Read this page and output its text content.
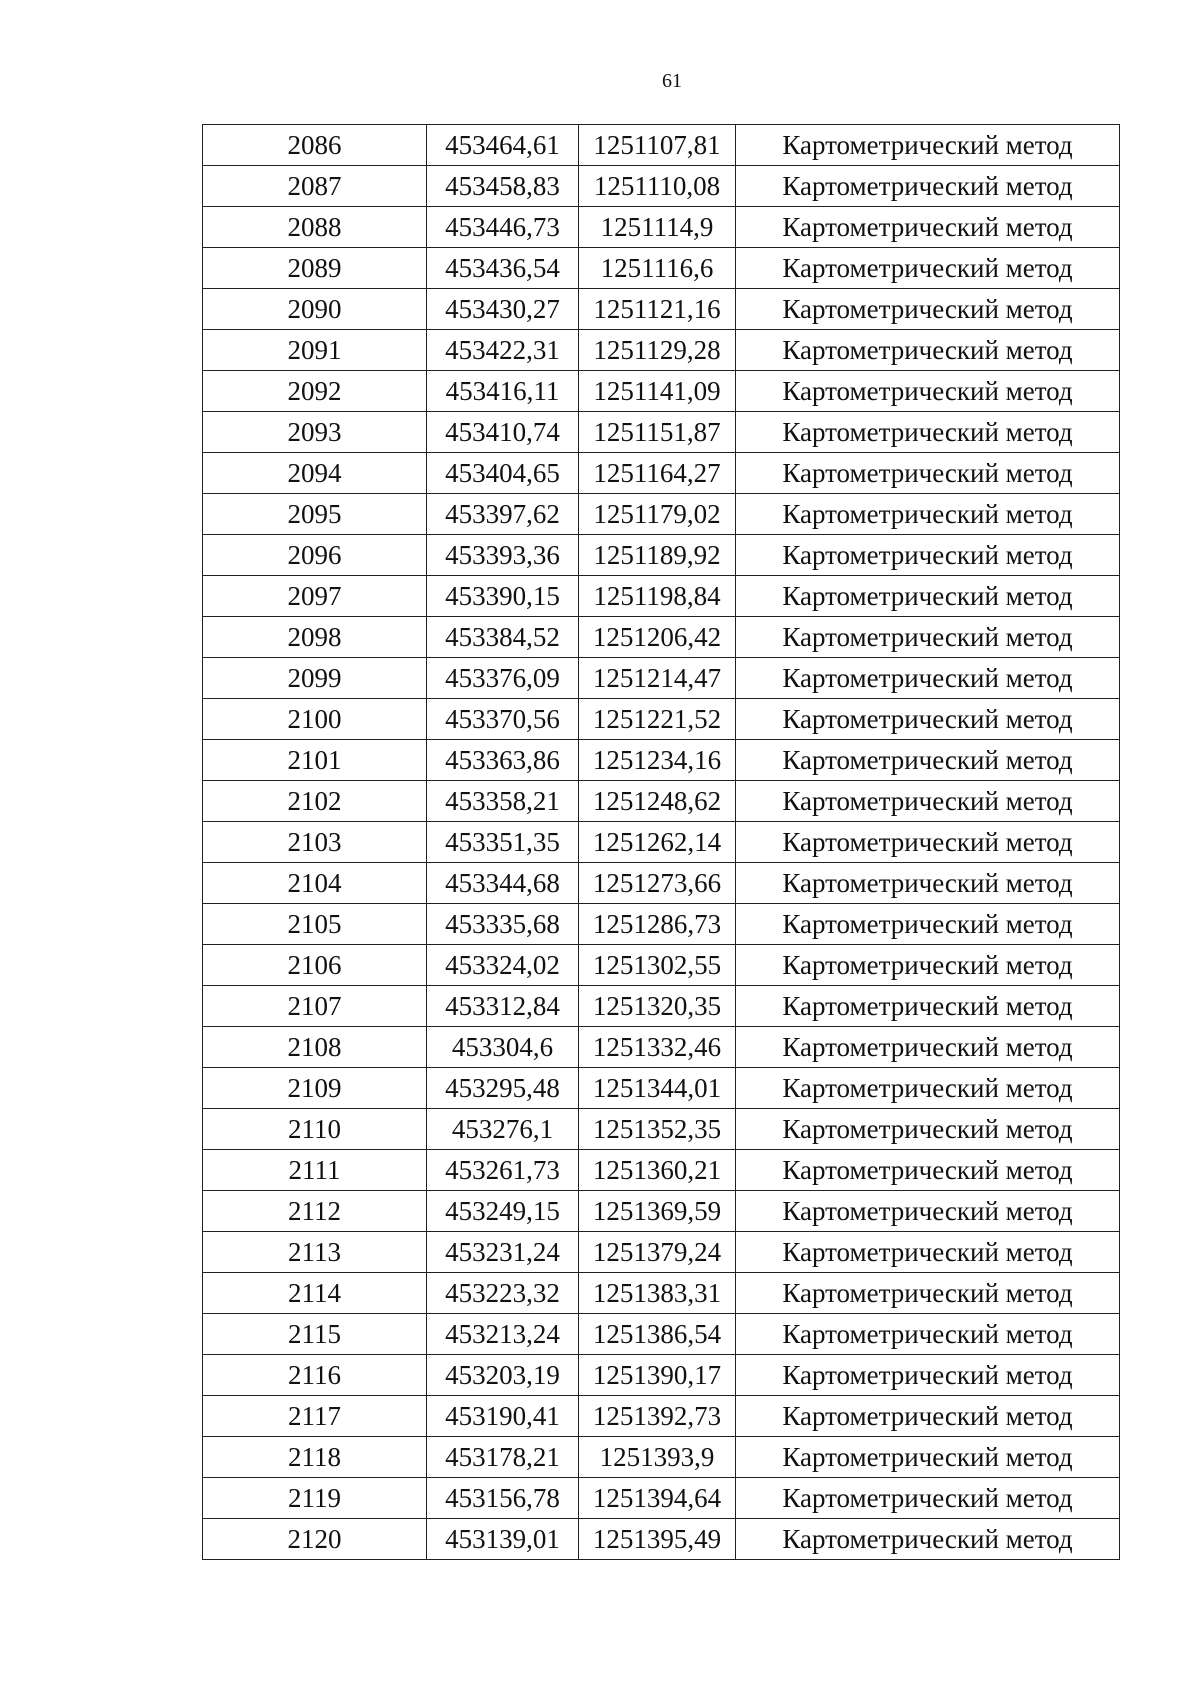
61
2086	453464,61	1251107,81	Картометрический метод
2087	453458,83	1251110,08	Картометрический метод
2088	453446,73	1251114,9	Картометрический метод
2089	453436,54	1251116,6	Картометрический метод
2090	453430,27	1251121,16	Картометрический метод
2091	453422,31	1251129,28	Картометрический метод
2092	453416,11	1251141,09	Картометрический метод
2093	453410,74	1251151,87	Картометрический метод
2094	453404,65	1251164,27	Картометрический метод
2095	453397,62	1251179,02	Картометрический метод
2096	453393,36	1251189,92	Картометрический метод
2097	453390,15	1251198,84	Картометрический метод
2098	453384,52	1251206,42	Картометрический метод
2099	453376,09	1251214,47	Картометрический метод
2100	453370,56	1251221,52	Картометрический метод
2101	453363,86	1251234,16	Картометрический метод
2102	453358,21	1251248,62	Картометрический метод
2103	453351,35	1251262,14	Картометрический метод
2104	453344,68	1251273,66	Картометрический метод
2105	453335,68	1251286,73	Картометрический метод
2106	453324,02	1251302,55	Картометрический метод
2107	453312,84	1251320,35	Картометрический метод
2108	453304,6	1251332,46	Картометрический метод
2109	453295,48	1251344,01	Картометрический метод
2110	453276,1	1251352,35	Картометрический метод
2111	453261,73	1251360,21	Картометрический метод
2112	453249,15	1251369,59	Картометрический метод
2113	453231,24	1251379,24	Картометрический метод
2114	453223,32	1251383,31	Картометрический метод
2115	453213,24	1251386,54	Картометрический метод
2116	453203,19	1251390,17	Картометрический метод
2117	453190,41	1251392,73	Картометрический метод
2118	453178,21	1251393,9	Картометрический метод
2119	453156,78	1251394,64	Картометрический метод
2120	453139,01	1251395,49	Картометрический метод
